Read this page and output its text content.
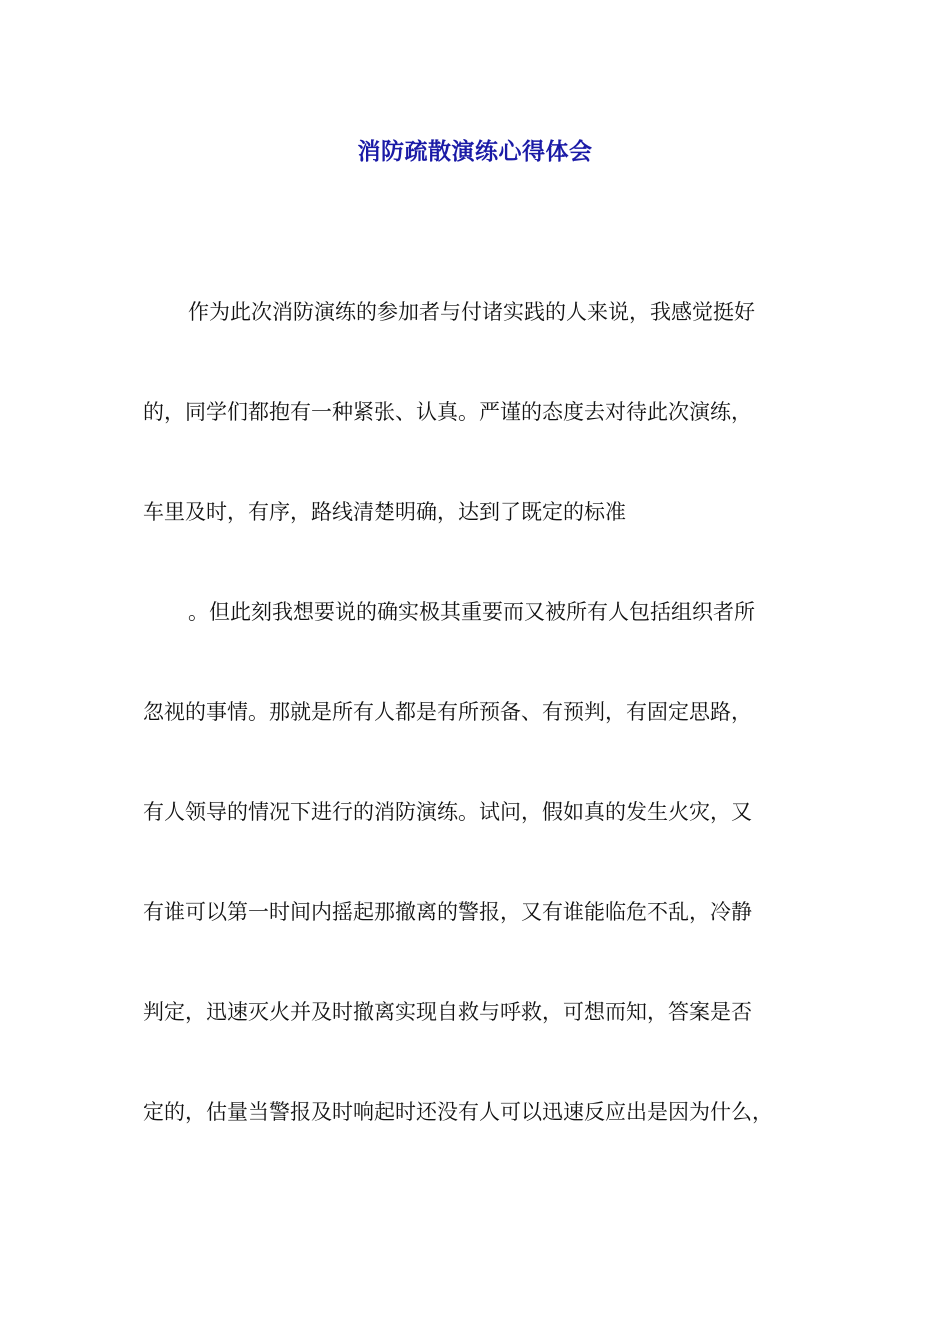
消防疏散演练心得体会
作为此次消防演练的参加者与付诸实践的人来说，我感觉挺好
的，同学们都抱有一种紧张、认真。严谨的态度去对待此次演练，
车里及时，有序，路线清楚明确，达到了既定的标准
。但此刻我想要说的确实极其重要而又被所有人包括组织者所
忽视的事情。那就是所有人都是有所预备、有预判，有固定思路，
有人领导的情况下进行的消防演练。试问，假如真的发生火灾，又
有谁可以第一时间内摇起那撤离的警报，又有谁能临危不乱，冷静
判定，迅速灭火并及时撤离实现自救与呼救，可想而知，答案是否
定的，估量当警报及时响起时还没有人可以迅速反应出是因为什么，
